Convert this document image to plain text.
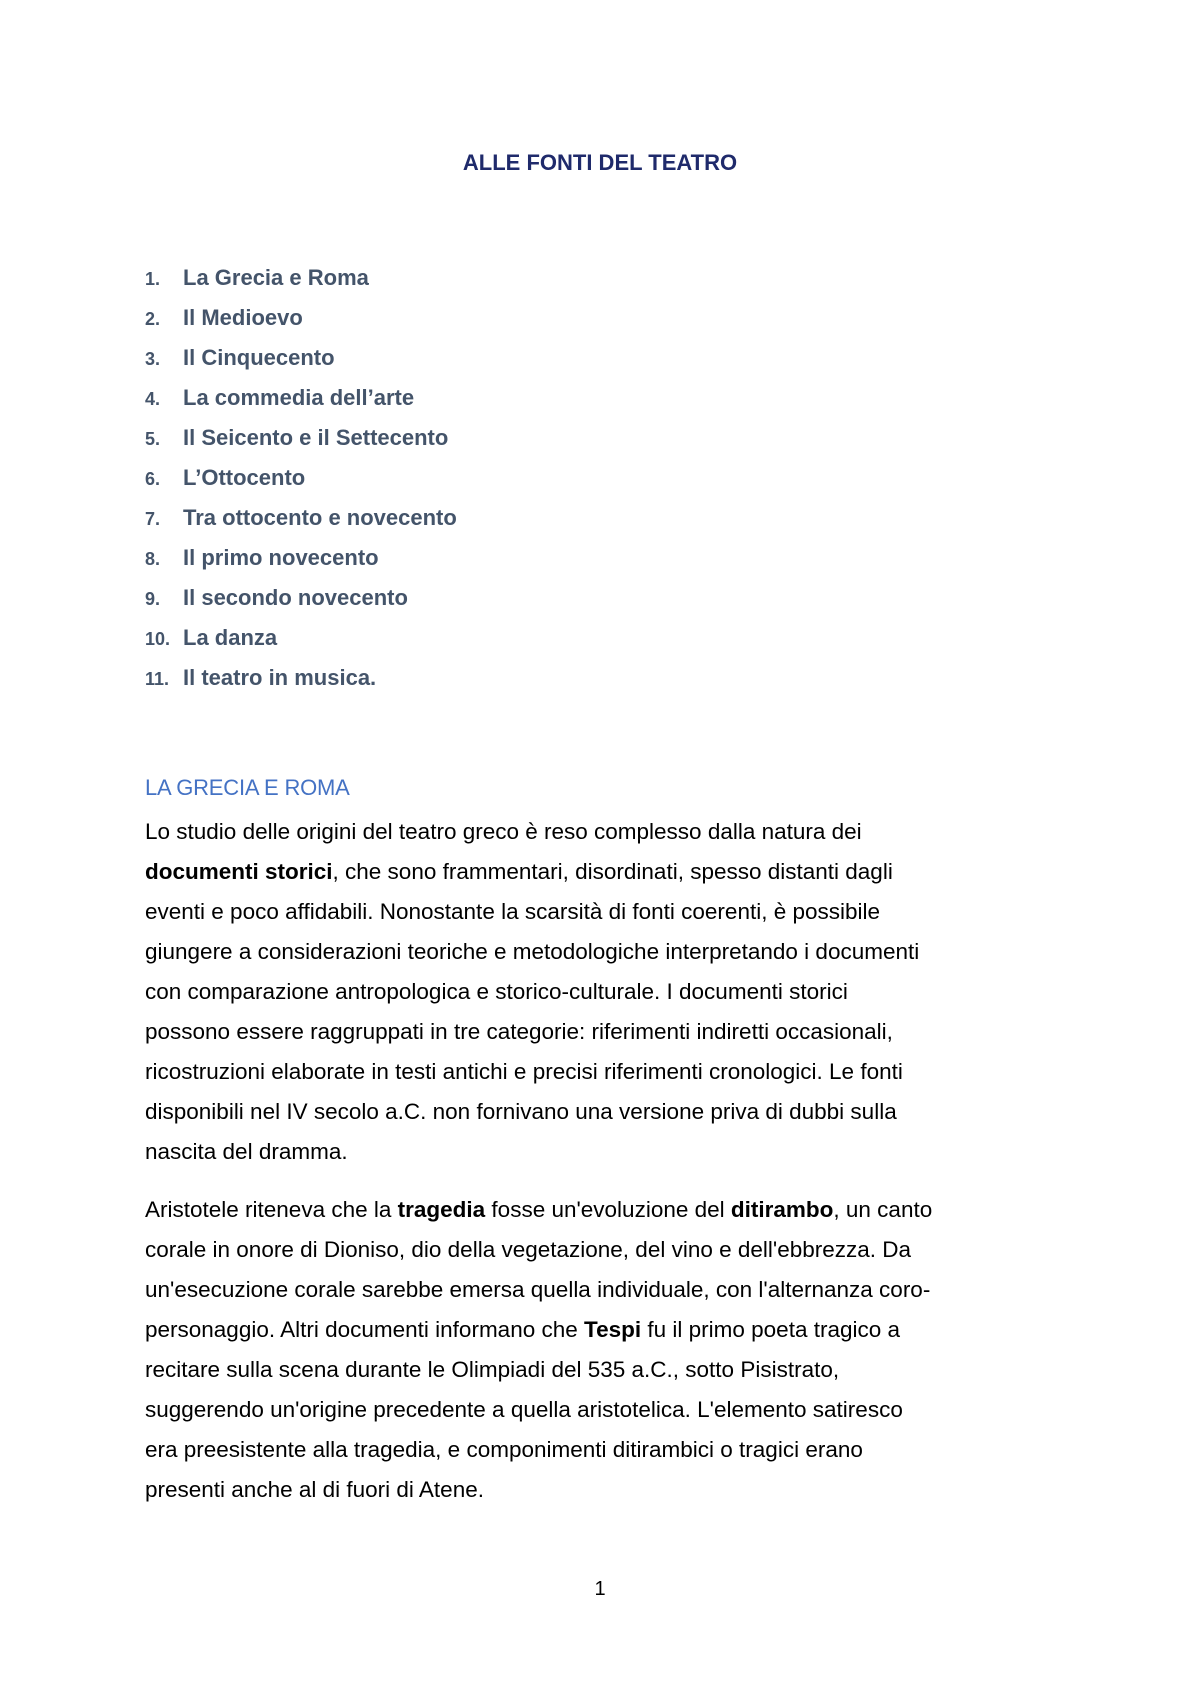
ALLE FONTI DEL TEATRO
1. La Grecia e Roma
2. Il Medioevo
3. Il Cinquecento
4. La commedia dell’arte
5. Il Seicento e il Settecento
6. L’Ottocento
7. Tra ottocento e novecento
8. Il primo novecento
9. Il secondo novecento
10. La danza
11. Il teatro in musica.
LA GRECIA E ROMA

Lo studio delle origini del teatro greco è reso complesso dalla natura dei
documenti storici, che sono frammentari, disordinati, spesso distanti dagli
eventi e poco affidabili. Nonostante la scarsità di fonti coerenti, è possibile
giungere a considerazioni teoriche e metodologiche interpretando i documenti
con comparazione antropologica e storico-culturale. I documenti storici
possono essere raggruppati in tre categorie: riferimenti indiretti occasionali,
ricostruzioni elaborate in testi antichi e precisi riferimenti cronologici. Le fonti
disponibili nel IV secolo a.C. non fornivano una versione priva di dubbi sulla
nascita del dramma.

Aristotele riteneva che la tragedia fosse un'evoluzione del ditirambo, un canto
corale in onore di Dioniso, dio della vegetazione, del vino e dell'ebbrezza. Da
un'esecuzione corale sarebbe emersa quella individuale, con l'alternanza coro-
personaggio. Altri documenti informano che Tespi fu il primo poeta tragico a
recitare sulla scena durante le Olimpiadi del 535 a.C., sotto Pisistrato,
suggerendo un'origine precedente a quella aristotelica. L'elemento satiresco
era preesistente alla tragedia, e componimenti ditirambici o tragici erano
presenti anche al di fuori di Atene.

1
